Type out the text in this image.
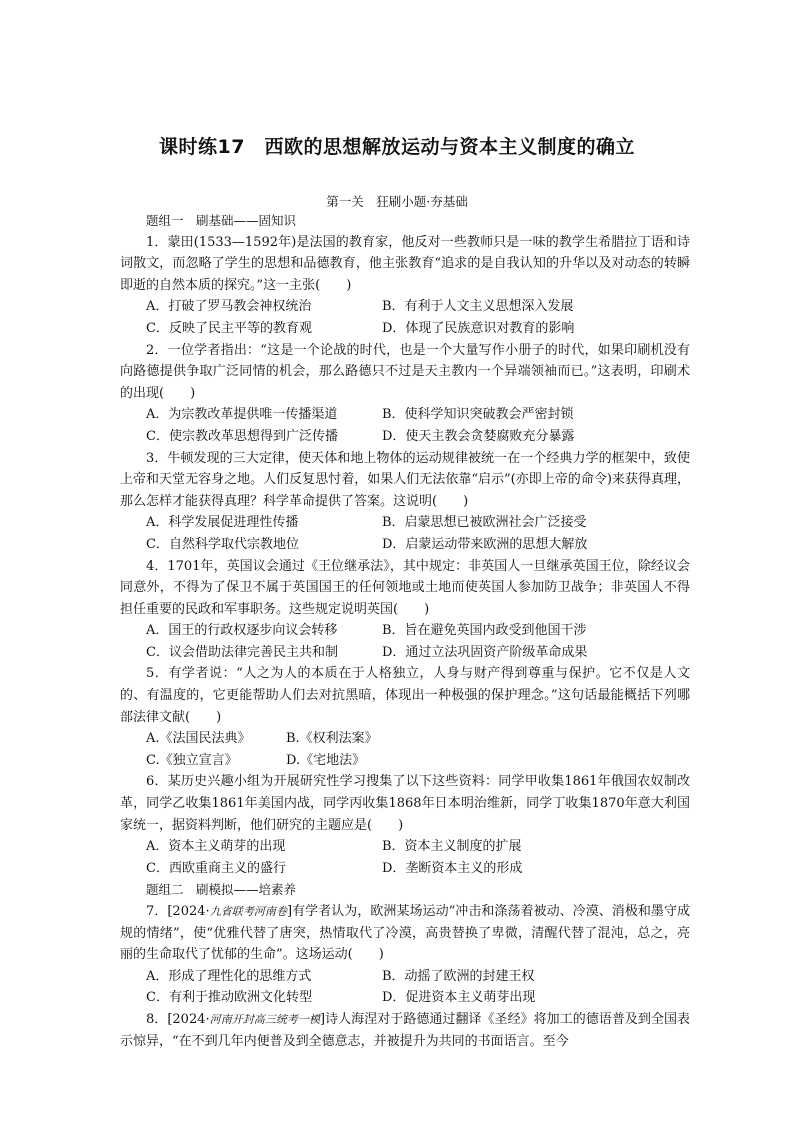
课时练17　西欧的思想解放运动与资本主义制度的确立
第一关　狂刷小题·夯基础

题组一　刷基础——固知识

1．蒙田(1533—1592年)是法国的教育家，他反对一些教师只是一味的教学生希腊拉丁语和诗词散文，而忽略了学生的思想和品德教育，他主张教育“追求的是自我认知的升华以及对动态的转瞬即逝的自然本质的探究。”这一主张(　　)

A．打破了罗马教会神权统治	B．有利于人文主义思想深入发展
C．反映了民主平等的教育观	D．体现了民族意识对教育的影响

2．一位学者指出：“这是一个论战的时代，也是一个大量写作小册子的时代，如果印刷机没有向路德提供争取广泛同情的机会，那么路德只不过是天主教内一个异端领袖而已。”这表明，印刷术的出现(　　)

A．为宗教改革提供唯一传播渠道	B．使科学知识突破教会严密封锁
C．使宗教改革思想得到广泛传播	D．使天主教会贪婪腐败充分暴露

3．牛顿发现的三大定律，使天体和地上物体的运动规律被统一在一个经典力学的框架中，致使上帝和天堂无容身之地。人们反复思忖着，如果人们无法依靠“启示”(亦即上帝的命令)来获得真理，那么怎样才能获得真理？科学革命提供了答案。这说明(　　)

A．科学发展促进理性传播	B．启蒙思想已被欧洲社会广泛接受
C．自然科学取代宗教地位	D．启蒙运动带来欧洲的思想大解放

4．1701年，英国议会通过《王位继承法》，其中规定：非英国人一旦继承英国王位，除经议会同意外，不得为了保卫不属于英国国王的任何领地或土地而使英国人参加防卫战争；非英国人不得担任重要的民政和军事职务。这些规定说明英国(　　)

A．国王的行政权逐步向议会转移	B．旨在避免英国内政受到他国干涉
C．议会借助法律完善民主共和制	D．通过立法巩固资产阶级革命成果

5．有学者说：“人之为人的本质在于人格独立，人身与财产得到尊重与保护。它不仅是人文的、有温度的，它更能帮助人们去对抗黑暗，体现出一种极强的保护理念。”这句话最能概括下列哪部法律文献(　　)

A.《法国民法典》	B.《权利法案》
C.《独立宣言》	D.《宅地法》

6．某历史兴趣小组为开展研究性学习搜集了以下这些资料：同学甲收集1861年俄国农奴制改革，同学乙收集1861年美国内战，同学丙收集1868年日本明治维新，同学丁收集1870年意大利国家统一，据资料判断，他们研究的主题应是(　　)

A．资本主义萌芽的出现	B．资本主义制度的扩展
C．西欧重商主义的盛行	D．垄断资本主义的形成

题组二　刷模拟——培素养

7．[2024·九省联考河南卷]有学者认为，欧洲某场运动“冲击和涤荡着被动、冷漠、消极和墨守成规的情绪”，使“优雅代替了唐突，热情取代了冷漠，高贵替换了卑微，清醒代替了混沌，总之，亮丽的生命取代了忧郁的生命”。这场运动(　　)

A．形成了理性化的思维方式	B．动摇了欧洲的封建王权
C．有利于推动欧洲文化转型	D．促进资本主义萌芽出现

8．[2024·河南开封高三统考一模]诗人海涅对于路德通过翻译《圣经》将加工的德语普及到全国表示惊异，“在不到几年内便普及到全德意志，并被提升为共同的书面语言。至今
